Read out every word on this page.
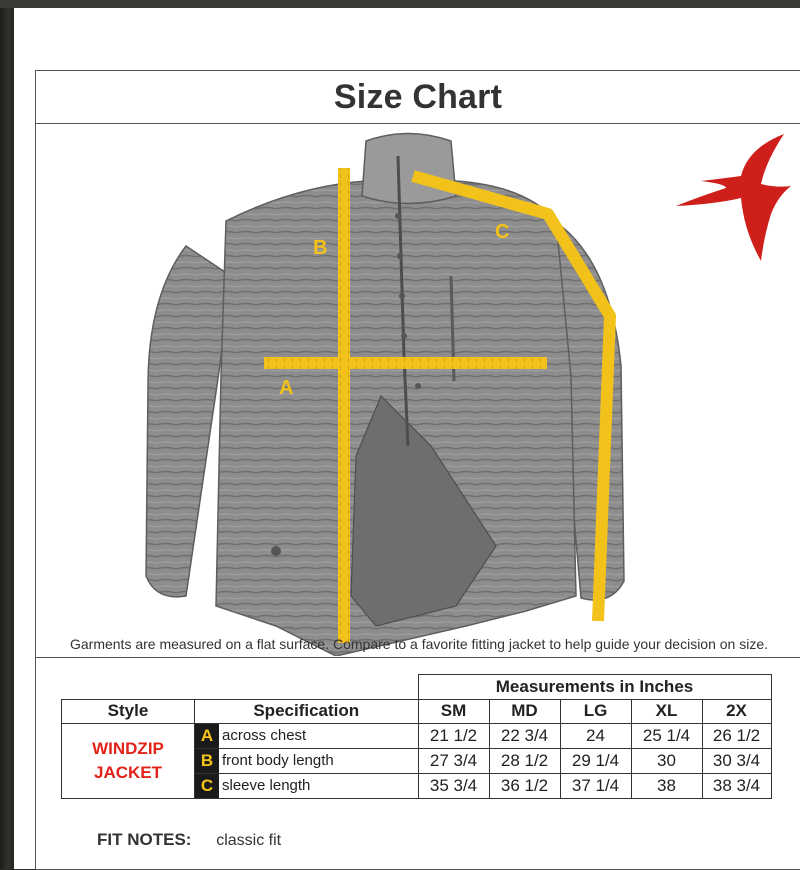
Size Chart
B
A
C
Garments are measured on a flat surface. Compare to a favorite fitting jacket to help guide your decision on size.
FIT NOTES: classic fit
			Measurements in Inches				
Style	Specification		SM	MD	LG	XL	2X

WINDZIP
JACKET	A	across chest	21 1/2	22 3/4	24	25 1/4	26 1/2
	B	front body length	27 3/4	28 1/2	29 1/4	30	30 3/4
	C	sleeve length	35 3/4	36 1/2	37 1/4	38	38 3/4
